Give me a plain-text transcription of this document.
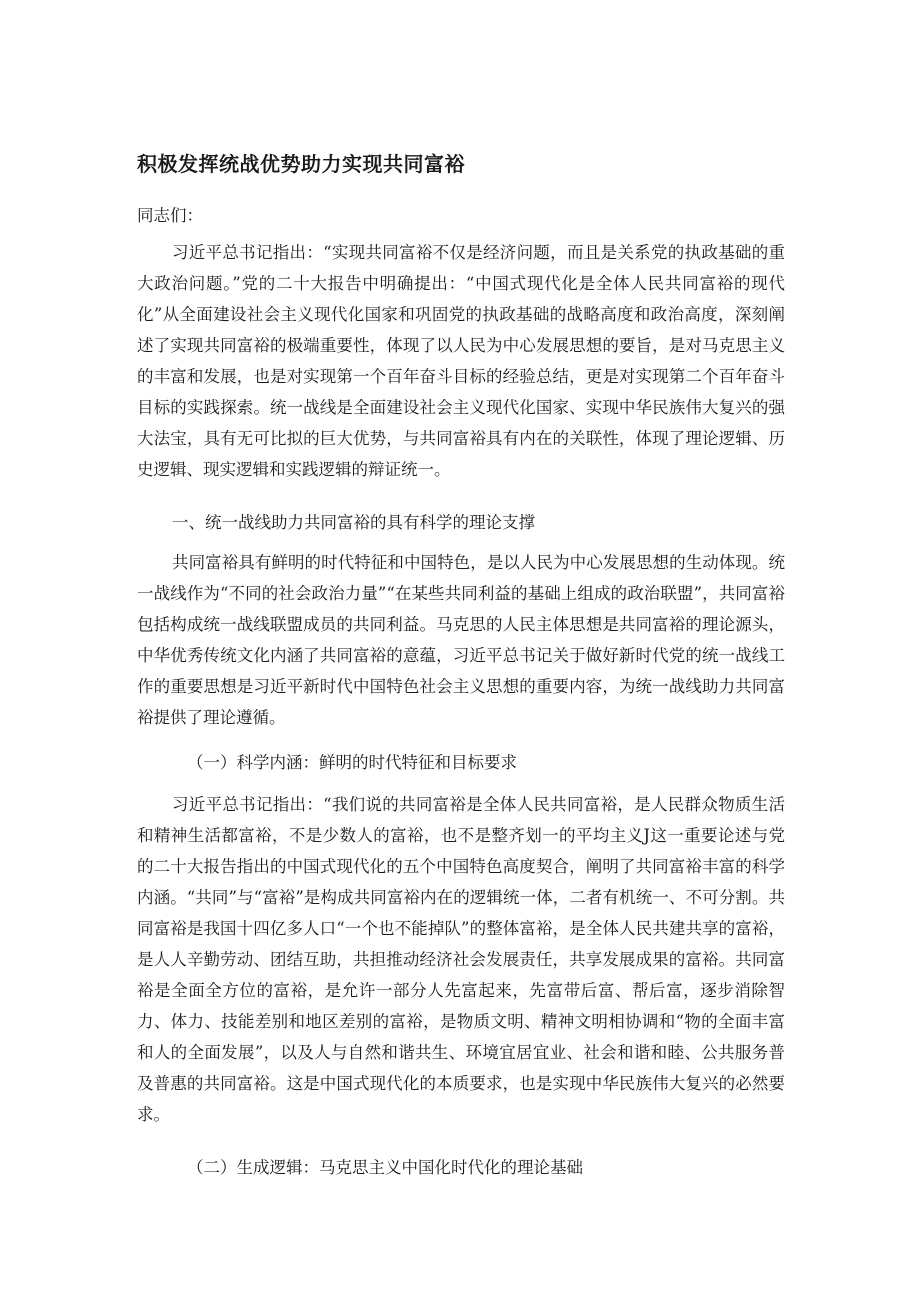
积极发挥统战优势助力实现共同富裕
同志们：

习近平总书记指出：“实现共同富裕不仅是经济问题，而且是关系党的执政基础的重大政治问题。”党的二十大报告中明确提出：“中国式现代化是全体人民共同富裕的现代化”从全面建设社会主义现代化国家和巩固党的执政基础的战略高度和政治高度，深刻阐述了实现共同富裕的极端重要性，体现了以人民为中心发展思想的要旨，是对马克思主义的丰富和发展，也是对实现第一个百年奋斗目标的经验总结，更是对实现第二个百年奋斗目标的实践探索。统一战线是全面建设社会主义现代化国家、实现中华民族伟大复兴的强大法宝，具有无可比拟的巨大优势，与共同富裕具有内在的关联性，体现了理论逻辑、历史逻辑、现实逻辑和实践逻辑的辩证统一。

一、统一战线助力共同富裕的具有科学的理论支撑

共同富裕具有鲜明的时代特征和中国特色，是以人民为中心发展思想的生动体现。统一战线作为“不同的社会政治力量”“在某些共同利益的基础上组成的政治联盟”，共同富裕包括构成统一战线联盟成员的共同利益。马克思的人民主体思想是共同富裕的理论源头，中华优秀传统文化内涵了共同富裕的意蕴，习近平总书记关于做好新时代党的统一战线工作的重要思想是习近平新时代中国特色社会主义思想的重要内容，为统一战线助力共同富裕提供了理论遵循。

（一）科学内涵：鲜明的时代特征和目标要求

习近平总书记指出：“我们说的共同富裕是全体人民共同富裕，是人民群众物质生活和精神生活都富裕，不是少数人的富裕，也不是整齐划一的平均主义J这一重要论述与党的二十大报告指出的中国式现代化的五个中国特色高度契合，阐明了共同富裕丰富的科学内涵。“共同”与“富裕”是构成共同富裕内在的逻辑统一体，二者有机统一、不可分割。共同富裕是我国十四亿多人口“一个也不能掉队”的整体富裕，是全体人民共建共享的富裕，是人人辛勤劳动、团结互助，共担推动经济社会发展责任，共享发展成果的富裕。共同富裕是全面全方位的富裕，是允许一部分人先富起来，先富带后富、帮后富，逐步消除智力、体力、技能差别和地区差别的富裕，是物质文明、精神文明相协调和“物的全面丰富和人的全面发展”，以及人与自然和谐共生、环境宜居宜业、社会和谐和睦、公共服务普及普惠的共同富裕。这是中国式现代化的本质要求，也是实现中华民族伟大复兴的必然要求。

（二）生成逻辑：马克思主义中国化时代化的理论基础
